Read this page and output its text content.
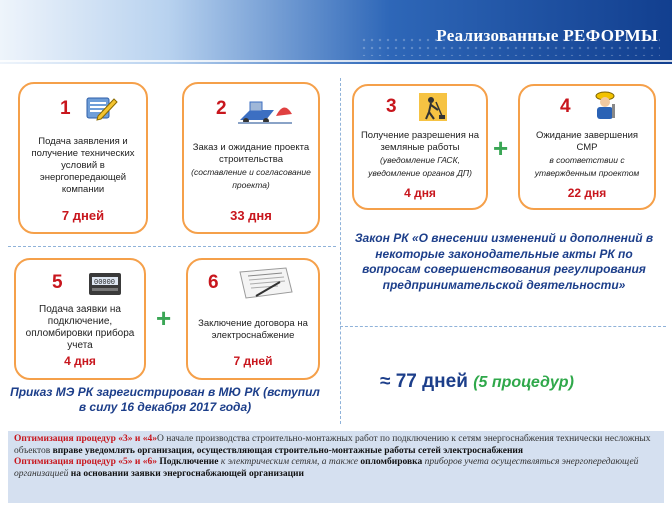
Реализованные РЕФОРМЫ
1
Подача заявления и получение технических условий в энергопередающей компании
7 дней
2
Заказ и ожидание проекта строительства
(составление и согласование проекта)
33 дня
3
Получение разрешения на земляные работы
(уведомление ГАСК, уведомление органов ДП)
4 дня
+
4
Ожидание завершения СМР
в соответствии с утвержденным проектом
22 дня
Закон РК «О внесении изменений и дополнений в некоторые законодательные акты РК по вопросам совершенствования регулирования предпринимательской деятельности»
5	00000
Подача заявки на подключение, опломбировки прибора учета
4 дня
+
6
Заключение договора на электроснабжение
7 дней
Приказ МЭ РК зарегистрирован в МЮ РК (вступил в силу 16 декабря 2017 года)
≈ 77 дней (5 процедур)
Оптимизация процедур «3» и «4»О начале производства строительно-монтажных работ по подключению к сетям энергоснабжения технически несложных объектов вправе уведомлять организация, осуществляющая строительно-монтажные работы сетей электроснабжения
Оптимизация процедур «5» и «6» Подключение к электрическим сетям, а также опломбировка приборов учета осуществляться энергопередающей организацией на основании заявки энергоснабжающей организации
